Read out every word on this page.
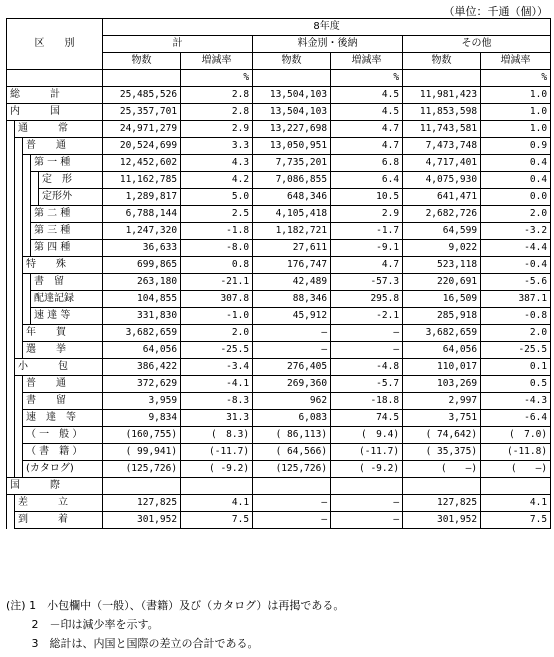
（単位：千通（個））
区　　別					8年度					
					計		料金別・後納		その他	
					物数	増減率	物数	増減率	物数	増減率
						%		%		%
総　　　計					25,485,526	2.8	13,504,103	4.5	11,981,423	1.0
内　　　国					25,357,701	2.8	13,504,103	4.5	11,853,598	1.0
	通　　　常				24,971,279	2.9	13,227,698	4.7	11,743,581	1.0
		普　　通			20,524,699	3.3	13,050,951	4.7	7,473,748	0.9
			第 一 種		12,452,602	4.3	7,735,201	6.8	4,717,401	0.4
				定　形	11,162,785	4.2	7,086,855	6.4	4,075,930	0.4
				定形外	1,289,817	5.0	648,346	10.5	641,471	0.0
			第 二 種		6,788,144	2.5	4,105,418	2.9	2,682,726	2.0
			第 三 種		1,247,320	-1.8	1,182,721	-1.7	64,599	-3.2
			第 四 種		36,633	-8.0	27,611	-9.1	9,022	-4.4
		特　　殊			699,865	0.8	176,747	4.7	523,118	-0.4
			書　留		263,180	-21.1	42,489	-57.3	220,691	-5.6
			配達記録		104,855	307.8	88,346	295.8	16,509	387.1
			速 達 等		331,830	-1.0	45,912	-2.1	285,918	-0.8
		年　　賀			3,682,659	2.0	–	–	3,682,659	2.0
		選　　挙			64,056	-25.5	–	–	64,056	-25.5
	小　　　包				386,422	-3.4	276,405	-4.8	110,017	0.1
		普　　通			372,629	-4.1	269,360	-5.7	103,269	0.5
		書　　留			3,959	-8.3	962	-18.8	2,997	-4.3
		速　達　等			9,834	31.3	6,083	74.5	3,751	-6.4
		（ 一　般 ）			(160,755)	(　8.3)	( 86,113)	(　9.4)	( 74,642)	(　7.0)
		（ 書　籍 ）			( 99,941)	(-11.7)	( 64,566)	(-11.7)	( 35,375)	(-11.8)
		(カタログ)			(125,726)	( -9.2)	(125,726)	( -9.2)	(　　–)	(　　–)
国　　　際										
	差　　　立				127,825	4.1	–	–	127,825	4.1
	到　　　着				301,952	7.5	–	–	301,952	7.5
(注) 1　小包欄中（一般）、（書籍）及び（カタログ）は再掲である。
　　 2　－印は減少率を示す。
　　 3　総計は、内国と国際の差立の合計である。
